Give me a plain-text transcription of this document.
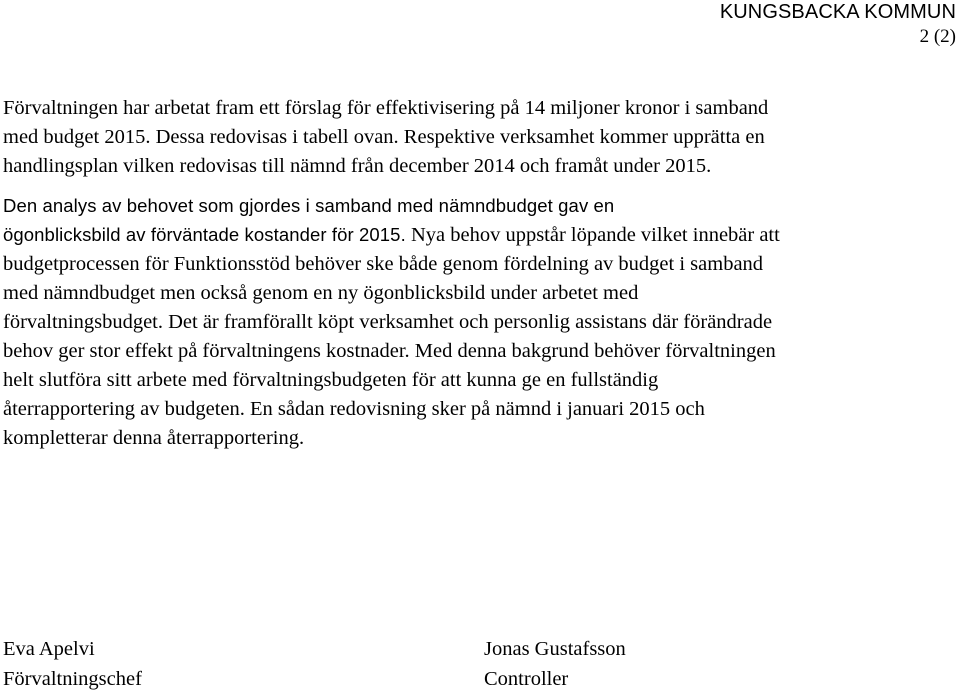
KUNGSBACKA KOMMUN
2 (2)

Förvaltningen har arbetat fram ett förslag för effektivisering på 14 miljoner kronor i samband med budget 2015. Dessa redovisas i tabell ovan. Respektive verksamhet kommer upprätta en handlingsplan vilken redovisas till nämnd från december 2014 och framåt under 2015.

Den analys av behovet som gjordes i samband med nämndbudget gav en

ögonblicksbild av förväntade kostander för 2015. Nya behov uppstår löpande vilket innebär att budgetprocessen för Funktionsstöd behöver ske både genom fördelning av budget i samband med nämndbudget men också genom en ny ögonblicksbild under arbetet med förvaltningsbudget. Det är framförallt köpt verksamhet och personlig assistans där förändrade behov ger stor effekt på förvaltningens kostnader. Med denna bakgrund behöver förvaltningen helt slutföra sitt arbete med förvaltningsbudgeten för att kunna ge en fullständig återrapportering av budgeten. En sådan redovisning sker på nämnd i januari 2015 och kompletterar denna återrapportering.

Eva Apelvi
Förvaltningschef
Jonas Gustafsson
Controller
